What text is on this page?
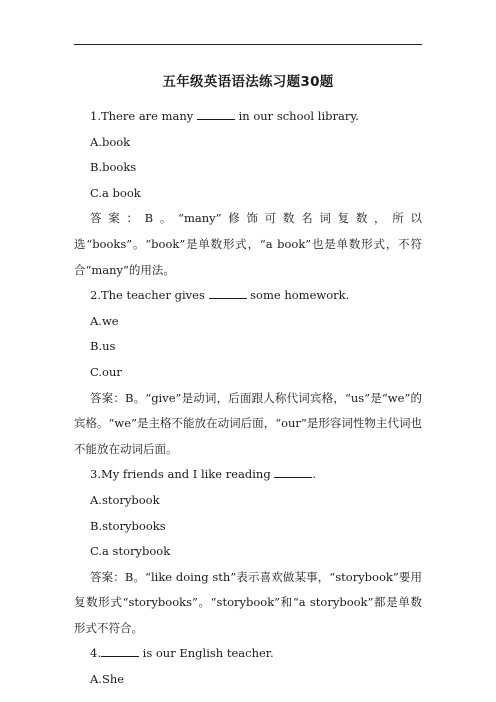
五年级英语语法练习题30题

1.There are many	in our school library.

A.book

B.books

C.a book

答案：B。“many”修饰可数名词复数，所以选“books”。“book”是单数形式，“a book”也是单数形式，不符合“many”的用法。

2.The teacher gives	some homework.

A.we

B.us

C.our

答案：B。“give”是动词，后面跟人称代词宾格，“us”是“we”的宾格。“we”是主格不能放在动词后面，“our”是形容词性物主代词也不能放在动词后面。

3.My friends and I like reading	.

A.storybook

B.storybooks

C.a storybook

答案：B。“like doing sth”表示喜欢做某事，“storybook”要用复数形式“storybooks”。“storybook”和“a storybook”都是单数形式不符合。

4.	is our English teacher.

A.She
